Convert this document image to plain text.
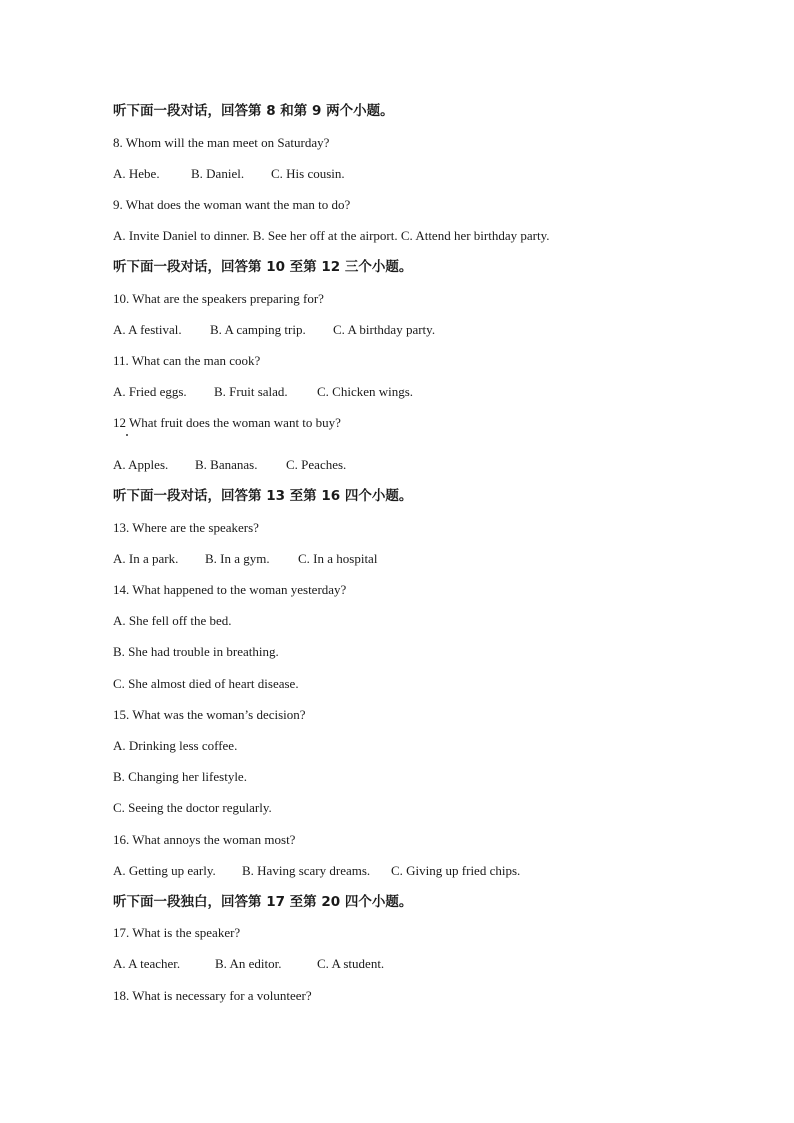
听下面一段对话，回答第 8 和第 9 两个小题。
8. Whom will the man meet on Saturday?
A. Hebe. B. Daniel. C. His cousin.
9. What does the woman want the man to do?
A. Invite Daniel to dinner. B. See her off at the airport. C. Attend her birthday party.
听下面一段对话，回答第 10 至第 12 三个小题。
10. What are the speakers preparing for?
A. A festival. B. A camping trip. C. A birthday party.
11. What can the man cook?
A. Fried eggs. B. Fruit salad. C. Chicken wings.
12 What fruit does the woman want to buy?
A. Apples. B. Bananas. C. Peaches.
听下面一段对话，回答第 13 至第 16 四个小题。
13. Where are the speakers?
A. In a park. B. In a gym. C. In a hospital
14. What happened to the woman yesterday?
A. She fell off the bed.
B. She had trouble in breathing.
C. She almost died of heart disease.
15. What was the woman’s decision?
A. Drinking less coffee.
B. Changing her lifestyle.
C. Seeing the doctor regularly.
16. What annoys the woman most?
A. Getting up early. B. Having scary dreams. C. Giving up fried chips.
听下面一段独白，回答第 17 至第 20 四个小题。
17. What is the speaker?
A. A teacher.	B. An editor.	C. A student.
18. What is necessary for a volunteer?
